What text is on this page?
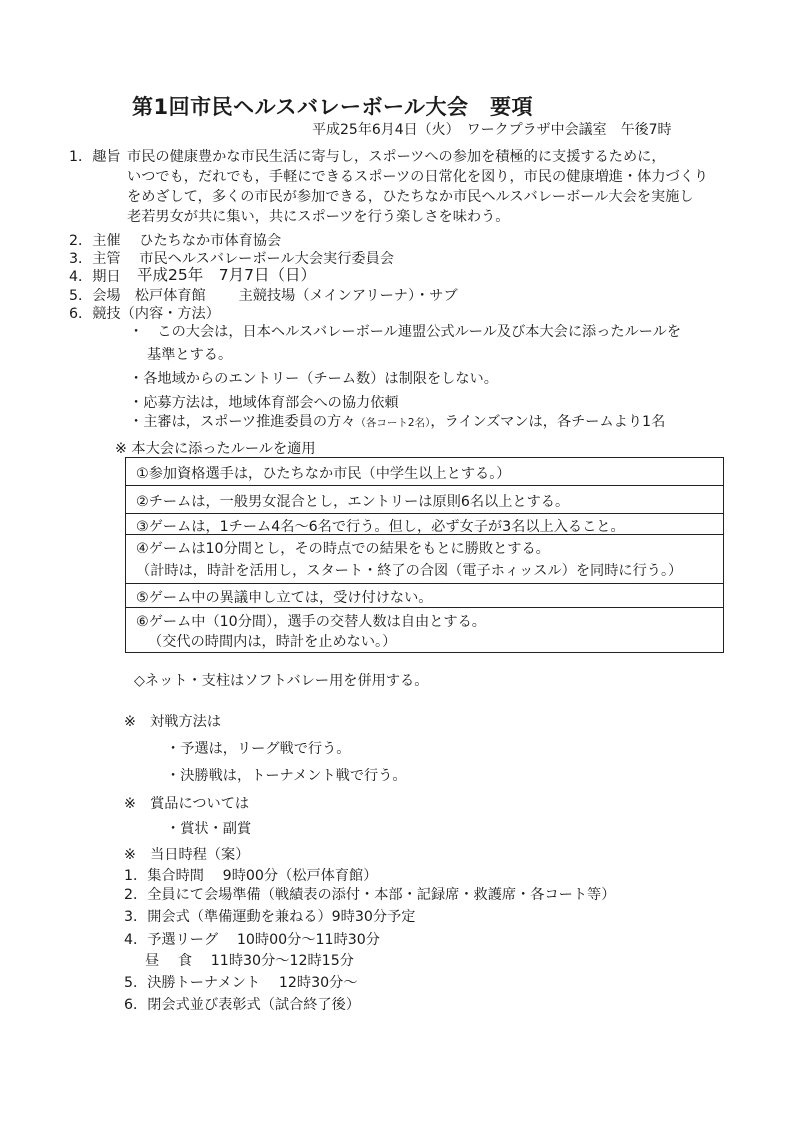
第1回市民ヘルスバレーボール大会　要項
平成25年6月4日（火）　ワークプラザ中会議室　午後7時
1．趣旨 市民の健康豊かな市民生活に寄与し，スポーツへの参加を積極的に支援するために，
いつでも，だれでも，手軽にできるスポーツの日常化を図り，市民の健康増進・体力づくり
をめざして，多くの市民が参加できる，ひたちなか市民ヘルスバレーボール大会を実施し
老若男女が共に集い，共にスポーツを行う楽しさを味わう。
2．主催　 ひたちなか市体育協会
3．主管　 市民ヘルスバレーボール大会実行委員会
4．期日 平成25年　7月7日（日）
5．会場　松戸体育館　　 主競技場（メインアリーナ）・サブ
6．競技（内容・方法）
・　この大会は，日本ヘルスバレーボール連盟公式ルール及び本大会に添ったルールを
基準とする。
・各地域からのエントリー（チーム数）は制限をしない。
・応募方法は，地域体育部会への協力依頼
・主審は，スポーツ推進委員の方々（各コート2名），ラインズマンは，各チームより1名
※ 本大会に添ったルールを適用
①参加資格選手は，ひたちなか市民（中学生以上とする。）
②チームは，一般男女混合とし，エントリーは原則6名以上とする。
③ゲームは，1チーム4名～6名で行う。但し，必ず女子が3名以上入ること。
④ゲームは10分間とし，その時点での結果をもとに勝敗とする。
（計時は，時計を活用し，スタート・終了の合図（電子ホィッスル）を同時に行う。）
⑤ゲーム中の異議申し立ては，受け付けない。
⑥ゲーム中（10分間），選手の交替人数は自由とする。
（交代の時間内は，時計を止めない。）
◇ネット・支柱はソフトバレー用を併用する。
※　対戦方法は
・予選は，リーグ戦で行う。
・決勝戦は，トーナメント戦で行う。
※　賞品については
・賞状・副賞
※　当日時程（案）
1．集合時間　 9時00分（松戸体育館）
2．全員にて会場準備（戦績表の添付・本部・記録席・救護席・各コート等）
3．開会式（準備運動を兼ねる）9時30分予定
4．予選リーグ　 10時00分～11時30分
昼　 食　 11時30分～12時15分
5．決勝トーナメント　 12時30分～
6．閉会式並び表彰式（試合終了後）
